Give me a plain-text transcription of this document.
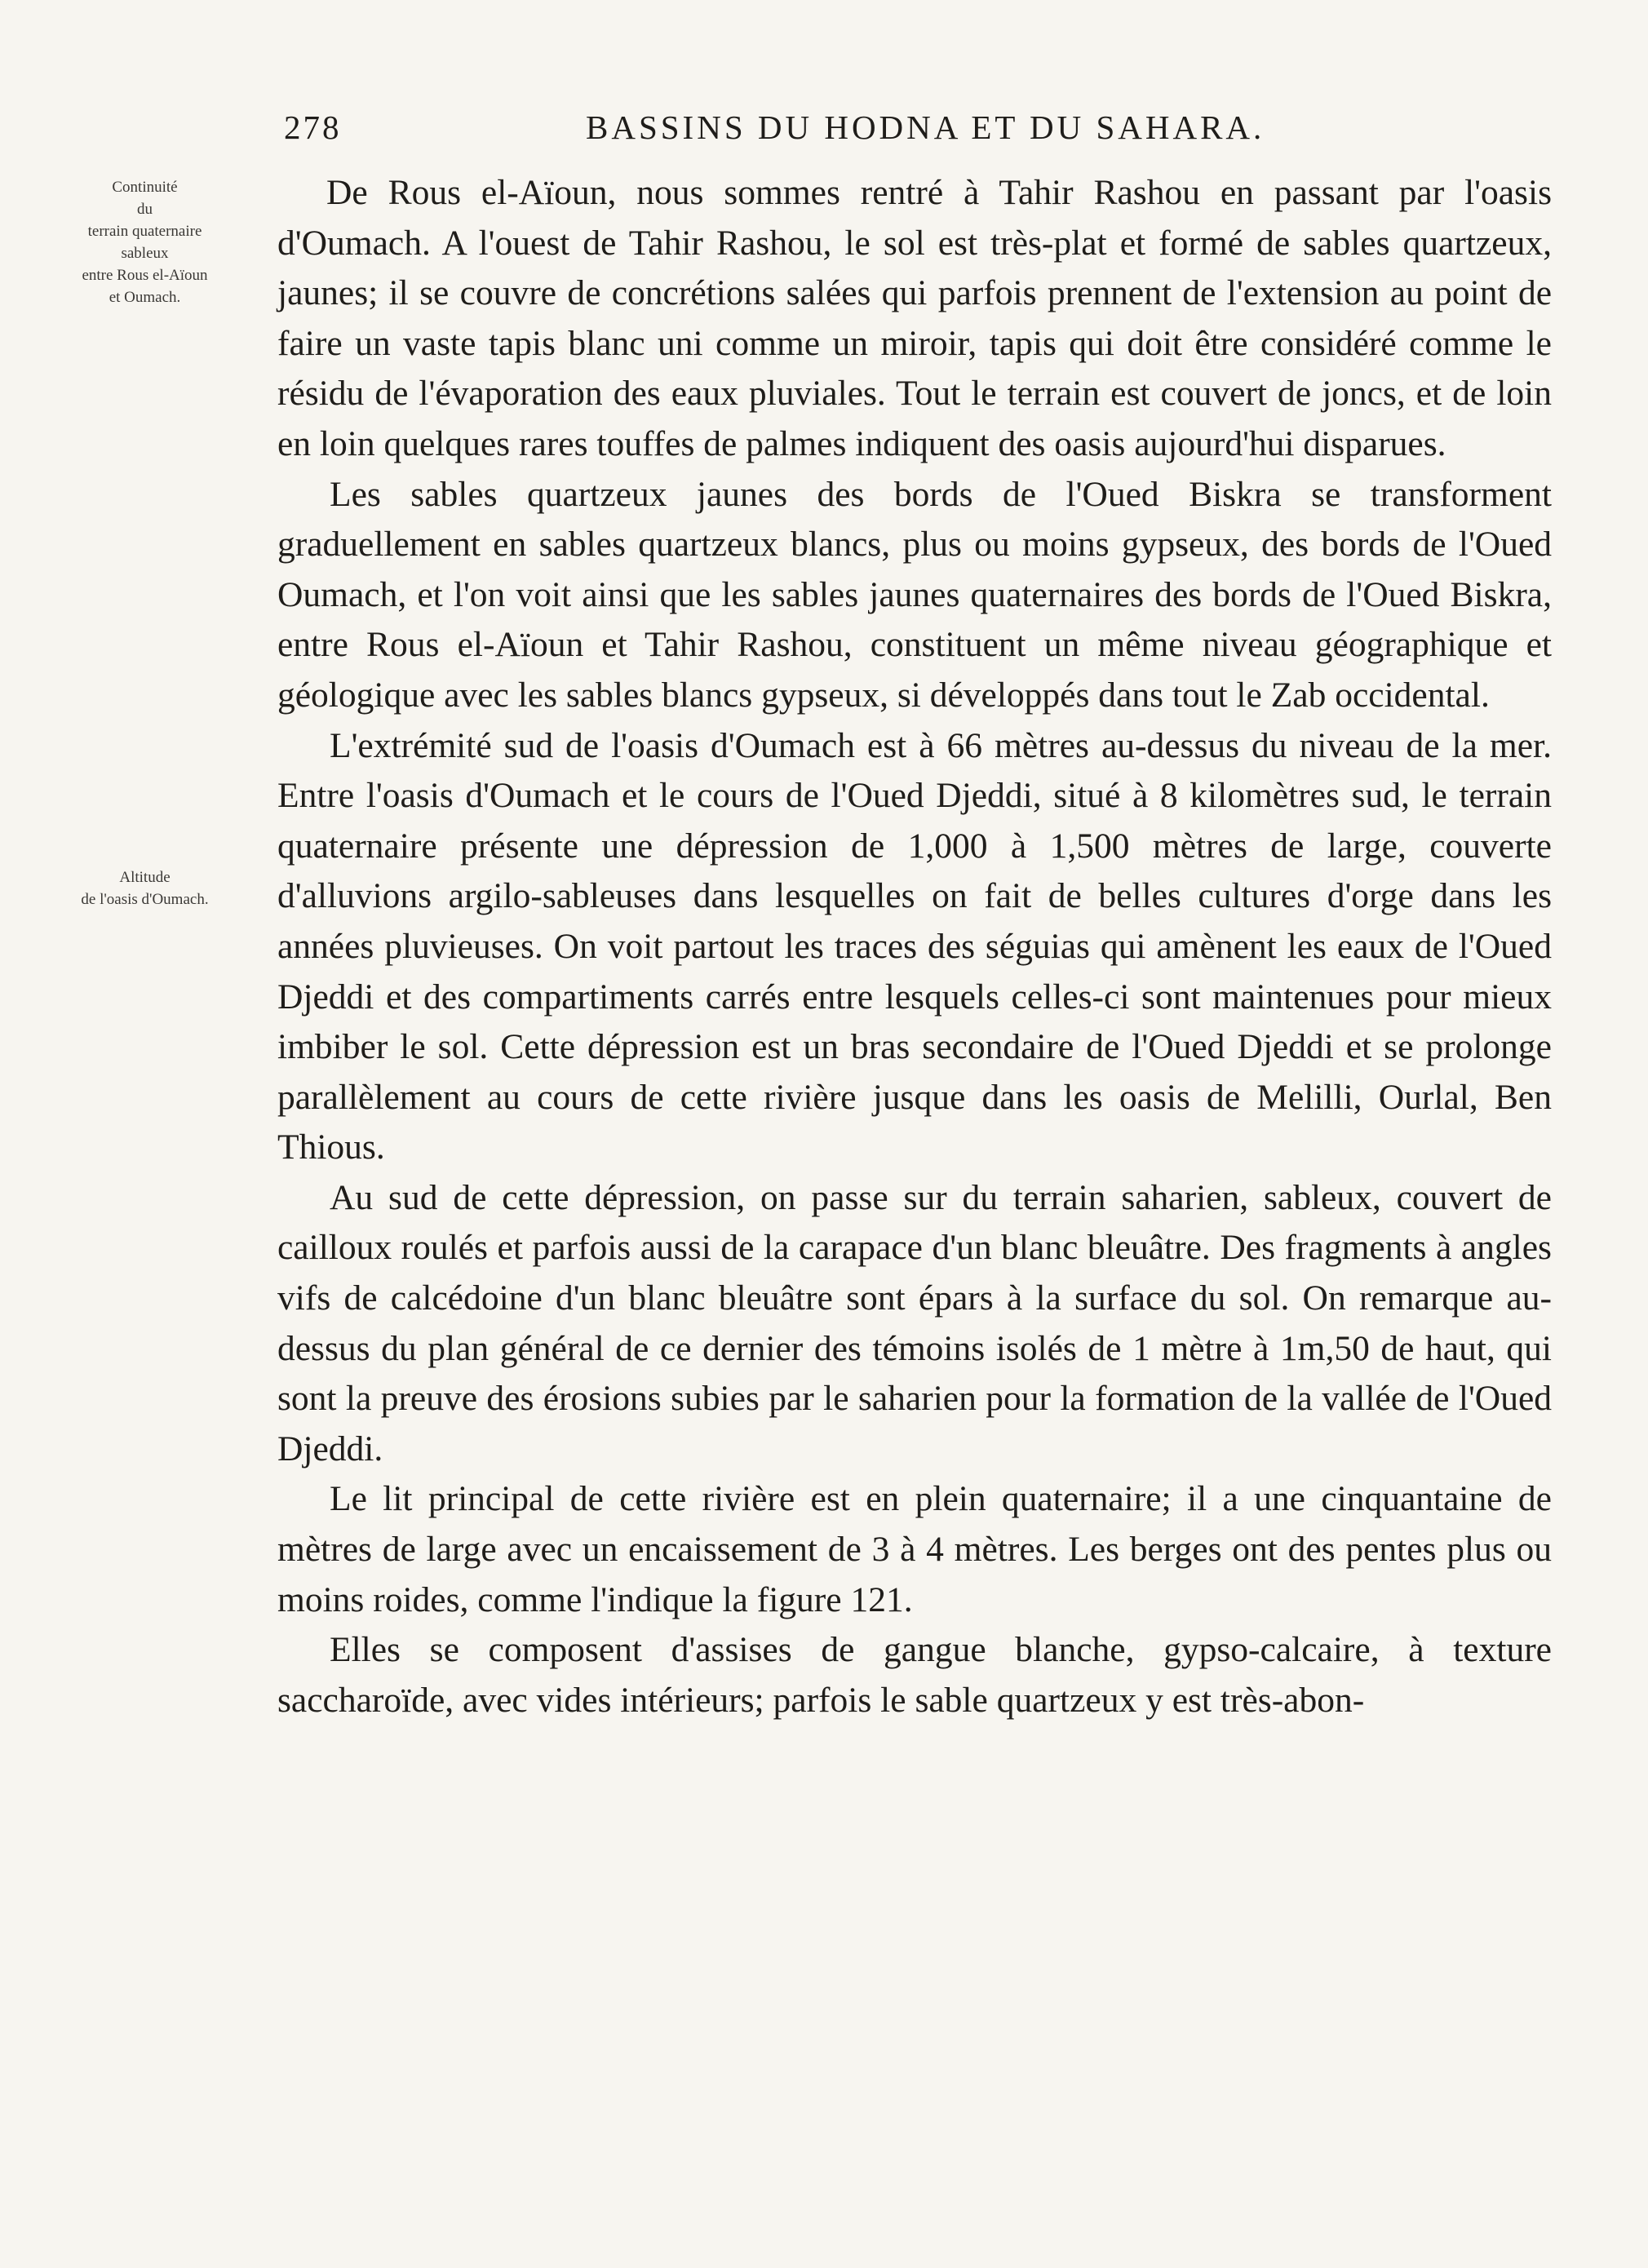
278	BASSINS DU HODNA ET DU SAHARA.
Continuité
du
terrain quaternaire
sableux
entre Rous el-Aïoun
et Oumach.
Altitude
de l'oasis d'Oumach.

De Rous el-Aïoun, nous sommes rentré à Tahir Rashou en passant par l'oasis d'Oumach. A l'ouest de Tahir Rashou, le sol est très-plat et formé de sables quartzeux, jaunes; il se couvre de concrétions salées qui parfois prennent de l'extension au point de faire un vaste tapis blanc uni comme un miroir, tapis qui doit être considéré comme le résidu de l'évaporation des eaux pluviales. Tout le terrain est couvert de joncs, et de loin en loin quelques rares touffes de palmes indiquent des oasis aujourd'hui disparues.

Les sables quartzeux jaunes des bords de l'Oued Biskra se transforment graduellement en sables quartzeux blancs, plus ou moins gypseux, des bords de l'Oued Oumach, et l'on voit ainsi que les sables jaunes quaternaires des bords de l'Oued Biskra, entre Rous el-Aïoun et Tahir Rashou, constituent un même niveau géographique et géologique avec les sables blancs gypseux, si développés dans tout le Zab occidental.

L'extrémité sud de l'oasis d'Oumach est à 66 mètres au-dessus du niveau de la mer. Entre l'oasis d'Oumach et le cours de l'Oued Djeddi, situé à 8 kilomètres sud, le terrain quaternaire présente une dépression de 1,000 à 1,500 mètres de large, couverte d'alluvions argilo-sableuses dans lesquelles on fait de belles cultures d'orge dans les années pluvieuses. On voit partout les traces des séguias qui amènent les eaux de l'Oued Djeddi et des compartiments carrés entre lesquels celles-ci sont maintenues pour mieux imbiber le sol. Cette dépression est un bras secondaire de l'Oued Djeddi et se prolonge parallèlement au cours de cette rivière jusque dans les oasis de Melilli, Ourlal, Ben Thious.

Au sud de cette dépression, on passe sur du terrain saharien, sableux, couvert de cailloux roulés et parfois aussi de la carapace d'un blanc bleuâtre. Des fragments à angles vifs de calcédoine d'un blanc bleuâtre sont épars à la surface du sol. On remarque au-dessus du plan général de ce dernier des témoins isolés de 1 mètre à 1m,50 de haut, qui sont la preuve des érosions subies par le saharien pour la formation de la vallée de l'Oued Djeddi.

Le lit principal de cette rivière est en plein quaternaire; il a une cinquantaine de mètres de large avec un encaissement de 3 à 4 mètres. Les berges ont des pentes plus ou moins roides, comme l'indique la figure 121.

Elles se composent d'assises de gangue blanche, gypso-calcaire, à texture saccharoïde, avec vides intérieurs; parfois le sable quartzeux y est très-abon-
